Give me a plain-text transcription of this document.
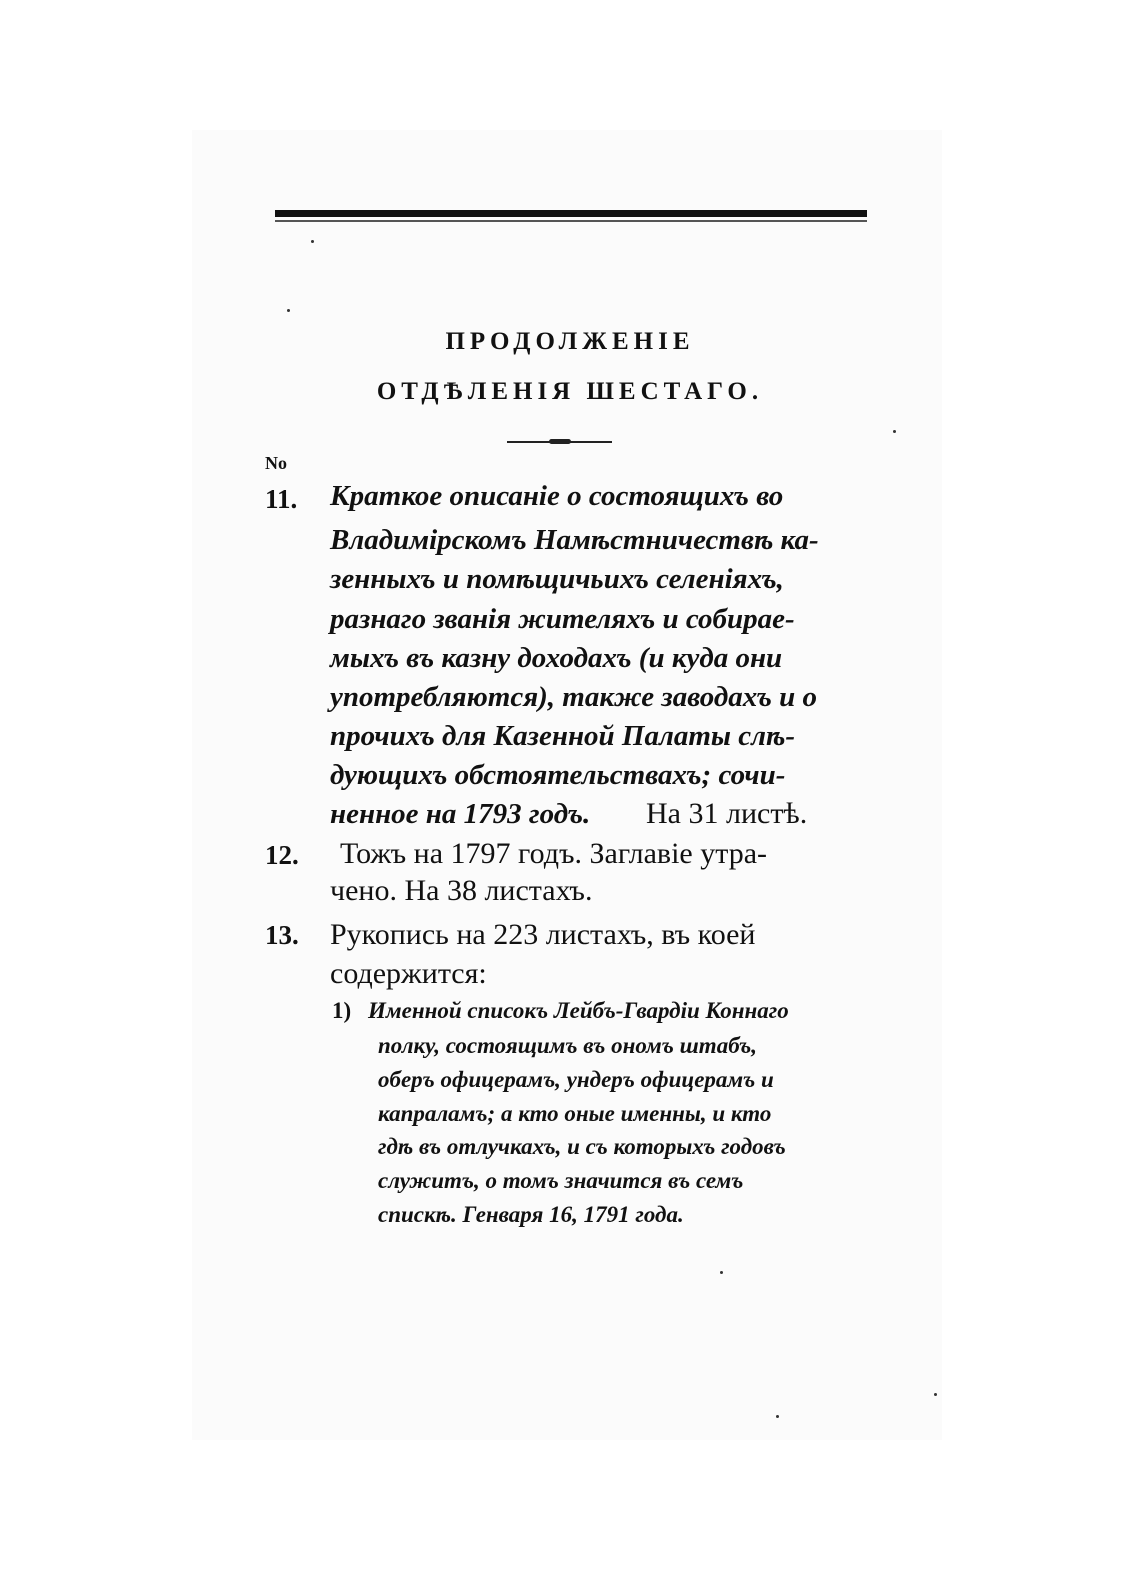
ПРОДОЛЖЕНІЕ
ОТДѢЛЕНІЯ ШЕСТАГО.
No
11. Краткое описаніе о состоящихъ во
Владимірскомъ Намѣстничествѣ ка-
зенныхъ и помѣщичьихъ селеніяхъ,
разнаго званія жителяхъ и собирае-
мыхъ въ казну доходахъ (и куда они
употребляются), также заводахъ и о
прочихъ для Казенной Палаты слѣ-
дующихъ обстоятельствахъ; сочи-
ненное на 1793 годъ. На 31 листѣ.
12. Тожъ на 1797 годъ. Заглавіе утра-
чено. На 38 листахъ.
13. Рукопись на 223 листахъ, въ коей
содержится:
1) Именной списокъ Лейбъ-Гвардіи Коннаго
полку, состоящимъ въ ономъ штабъ,
оберъ офицерамъ, ундеръ офицерамъ и
капраламъ; а кто оные именны, и кто
гдѣ въ отлучкахъ, и съ которыхъ годовъ
служитъ, о томъ значится въ семъ
спискѣ. Генваря 16, 1791 года.
